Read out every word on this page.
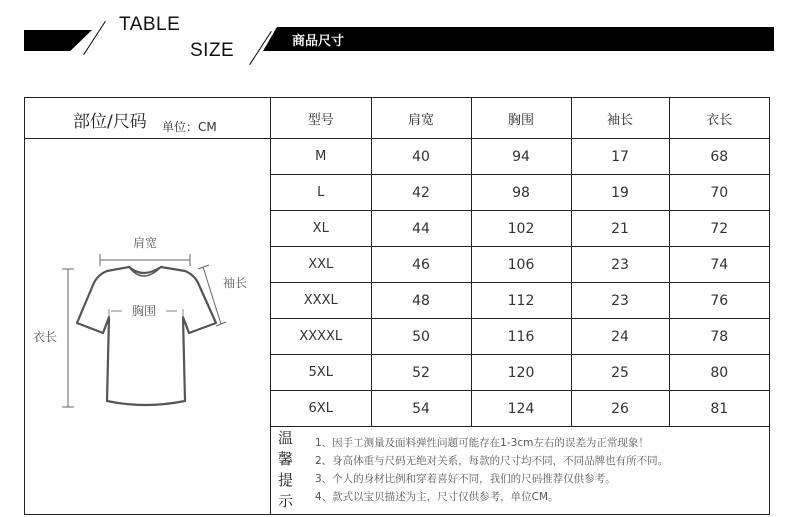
TABLE
SIZE	商品尺寸
部位/尺码 单位：CM
肩宽
衣长
袖长
胸围
型号	肩宽	胸围	袖长	衣长
M	40	94	17	68
L	42	98	19	70
XL	44	102	21	72
XXL	46	106	23	74
XXXL	48	112	23	76
XXXXL	50	116	24	78
5XL	52	120	25	80
6XL	54	124	26	81
温
馨
提
示
1、因手工测量及面料弹性问题可能存在1-3cm左右的误差为正常现象！
2、身高体重与尺码无绝对关系，每款的尺寸均不同，不同品牌也有所不同。
3、个人的身材比例和穿着喜好不同，我们的尺码推荐仅供参考。
4、款式以宝贝描述为主，尺寸仅供参考，单位CM。
